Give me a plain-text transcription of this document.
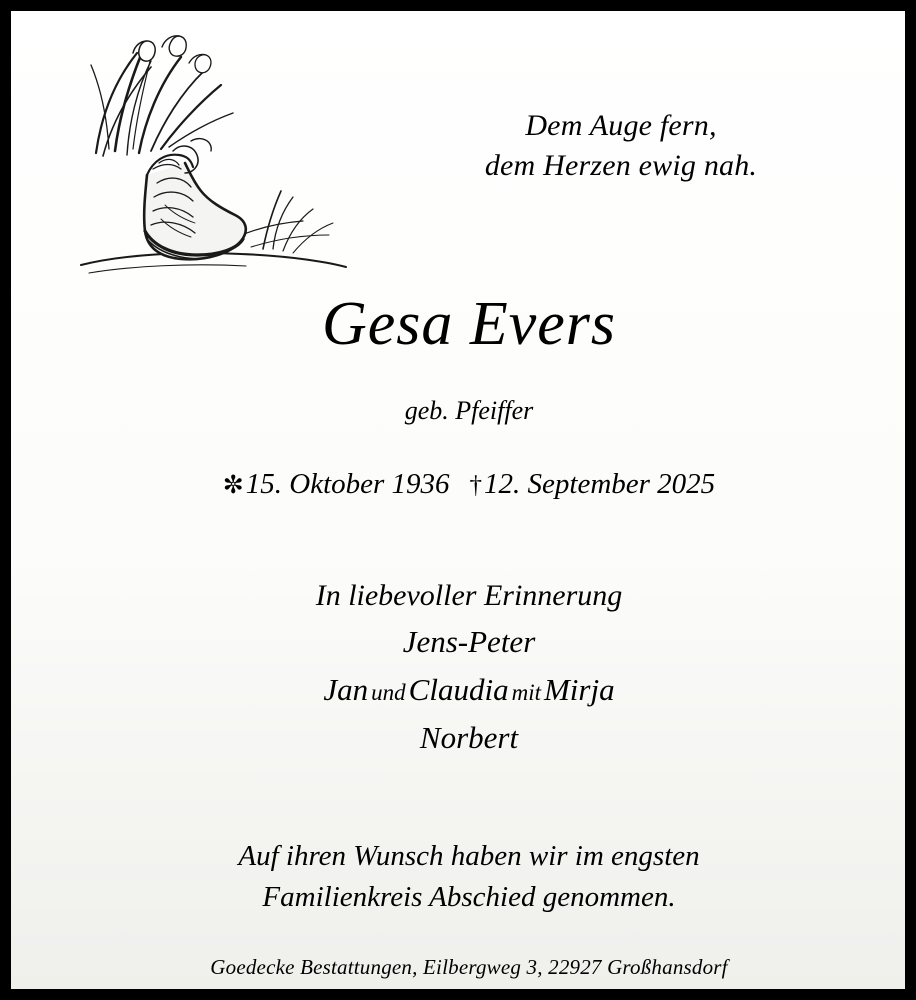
Dem Auge fern,
dem Herzen ewig nah.
Gesa Evers
geb. Pfeiffer
✼15. Oktober 1936 †12. September 2025
In liebevoller Erinnerung
Jens-Peter
Jan undClaudia mitMirja
Norbert
Auf ihren Wunsch haben wir im engsten
Familienkreis Abschied genommen.
Goedecke Bestattungen, Eilbergweg 3, 22927 Großhansdorf
